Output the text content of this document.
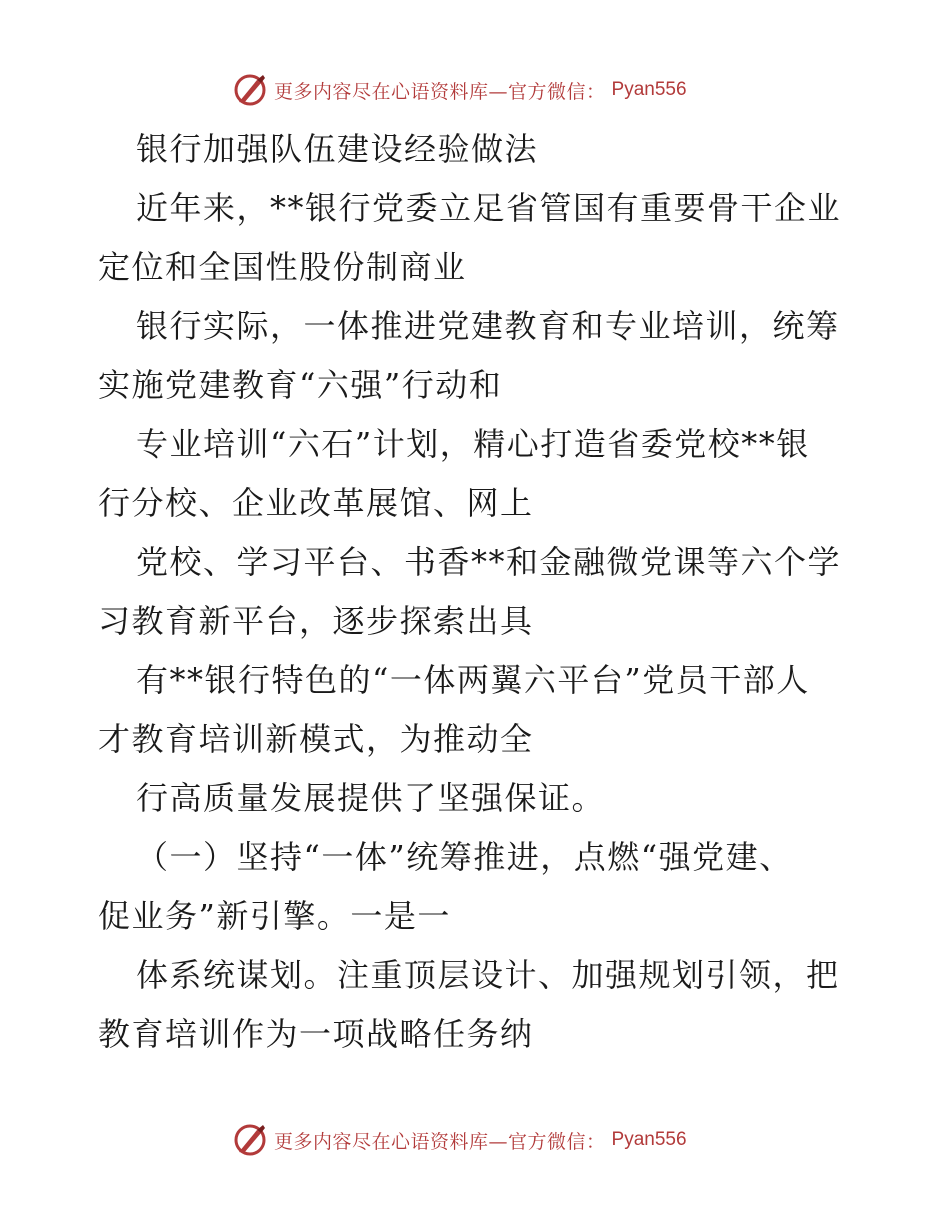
更多内容尽在心语资料库—官方微信： Pyan556
银行加强队伍建设经验做法
近年来，**银行党委立足省管国有重要骨干企业
定位和全国性股份制商业
银行实际，一体推进党建教育和专业培训，统筹
实施党建教育“六强”行动和
专业培训“六石”计划，精心打造省委党校**银
行分校、企业改革展馆、网上
党校、学习平台、书香**和金融微党课等六个学
习教育新平台，逐步探索出具
有**银行特色的“一体两翼六平台”党员干部人
才教育培训新模式，为推动全
行高质量发展提供了坚强保证。
（一）坚持“一体”统筹推进，点燃“强党建、
促业务”新引擎。一是一
体系统谋划。注重顶层设计、加强规划引领，把
教育培训作为一项战略任务纳
更多内容尽在心语资料库—官方微信： Pyan556
